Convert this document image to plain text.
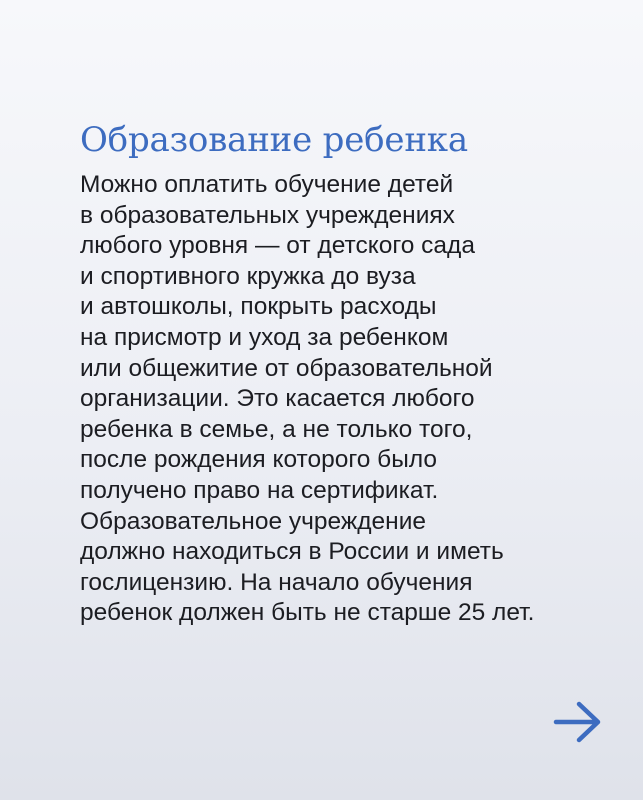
Образование ребенка

Можно оплатить обучение детей
в образовательных учреждениях
любого уровня — от детского сада
и спортивного кружка до вуза
и автошколы, покрыть расходы
на присмотр и уход за ребенком
или общежитие от образовательной
организации. Это касается любого
ребенка в семье, а не только того,
после рождения которого было
получено право на сертификат.
Образовательное учреждение
должно находиться в России и иметь
гослицензию. На начало обучения
ребенок должен быть не старше 25 лет.
